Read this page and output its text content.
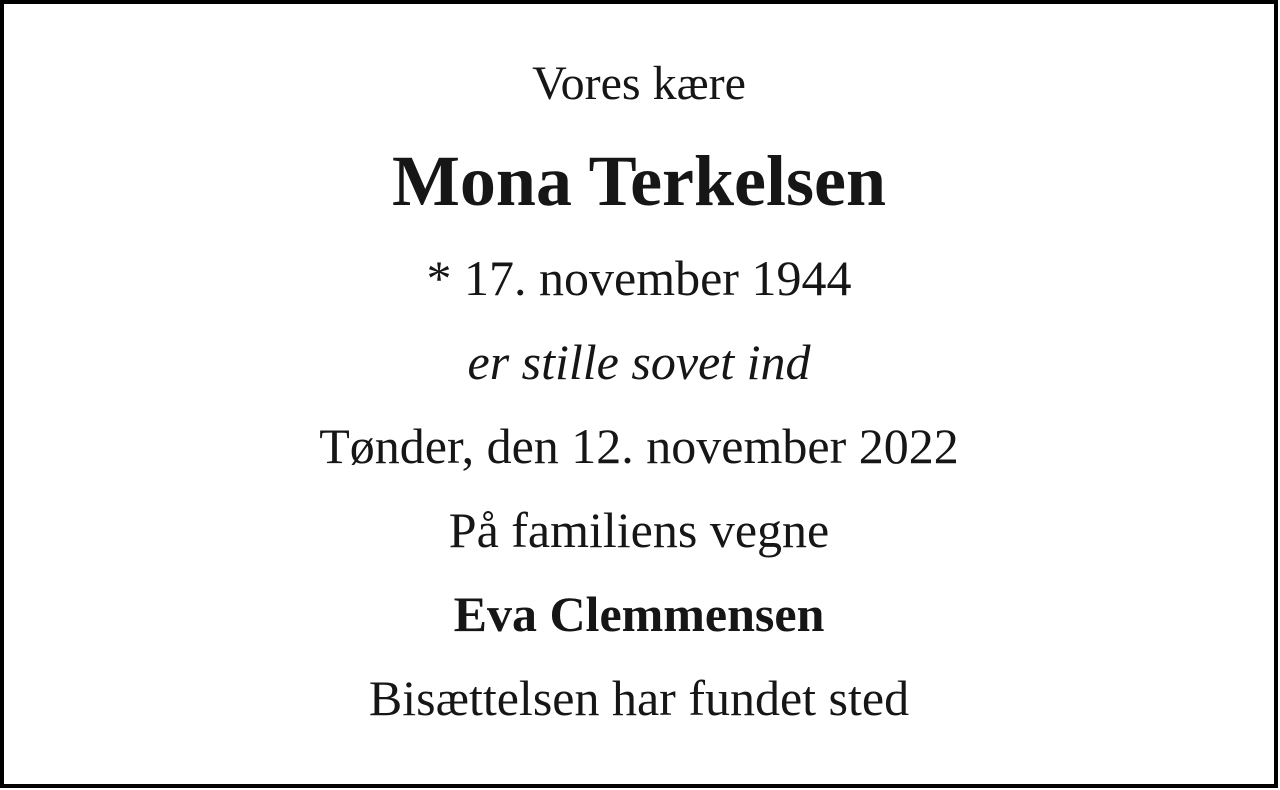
Vores kære

Mona Terkelsen

* 17. november 1944

er stille sovet ind

Tønder, den 12. november 2022

På familiens vegne

Eva Clemmensen

Bisættelsen har fundet sted
